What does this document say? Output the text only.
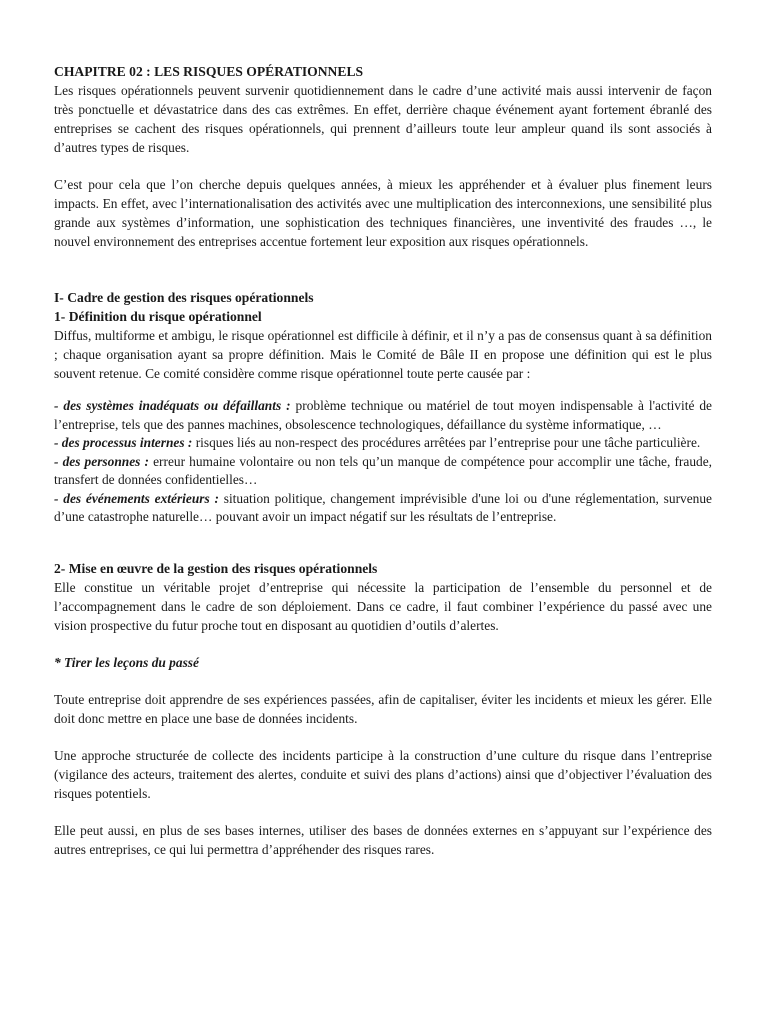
CHAPITRE 02 : LES RISQUES OPÉRATIONNELS

Les risques opérationnels peuvent survenir quotidiennement dans le cadre d’une activité mais aussi intervenir de façon très ponctuelle et dévastatrice dans des cas extrêmes. En effet, derrière chaque événement ayant fortement ébranlé des entreprises se cachent des risques opérationnels, qui prennent d’ailleurs toute leur ampleur quand ils sont associés à d’autres types de risques.

C’est pour cela que l’on cherche depuis quelques années, à mieux les appréhender et à évaluer plus finement leurs impacts. En effet, avec l’internationalisation des activités avec une multiplication des interconnexions, une sensibilité plus grande aux systèmes d’information, une sophistication des techniques financières, une inventivité des fraudes …, le nouvel environnement des entreprises accentue fortement leur exposition aux risques opérationnels.

I- Cadre de gestion des risques opérationnels
1- Définition du risque opérationnel

Diffus, multiforme et ambigu, le risque opérationnel est difficile à définir, et il n’y a pas de consensus quant à sa définition ; chaque organisation ayant sa propre définition. Mais le Comité de Bâle II en propose une définition qui est le plus souvent retenue. Ce comité considère comme risque opérationnel toute perte causée par :

- des systèmes inadéquats ou défaillants : problème technique ou matériel de tout moyen indispensable à l'activité de l’entreprise, tels que des pannes machines, obsolescence technologiques, défaillance du système informatique, …

- des processus internes : risques liés au non-respect des procédures arrêtées par l’entreprise pour une tâche particulière.

- des personnes : erreur humaine volontaire ou non tels qu’un manque de compétence pour accomplir une tâche, fraude, transfert de données confidentielles…

- des événements extérieurs : situation politique, changement imprévisible d'une loi ou d'une réglementation, survenue d’une catastrophe naturelle… pouvant avoir un impact négatif sur les résultats de l’entreprise.

2- Mise en œuvre de la gestion des risques opérationnels

Elle constitue un véritable projet d’entreprise qui nécessite la participation de l’ensemble du personnel et de l’accompagnement dans le cadre de son déploiement. Dans ce cadre, il faut combiner l’expérience du passé avec une vision prospective du futur proche tout en disposant au quotidien d’outils d’alertes.

* Tirer les leçons du passé

Toute entreprise doit apprendre de ses expériences passées, afin de capitaliser, éviter les incidents et mieux les gérer. Elle doit donc mettre en place une base de données incidents.

Une approche structurée de collecte des incidents participe à la construction d’une culture du risque dans l’entreprise (vigilance des acteurs, traitement des alertes, conduite et suivi des plans d’actions) ainsi que d’objectiver l’évaluation des risques potentiels.

Elle peut aussi, en plus de ses bases internes, utiliser des bases de données externes en s’appuyant sur l’expérience des autres entreprises, ce qui lui permettra d’appréhender des risques rares.
